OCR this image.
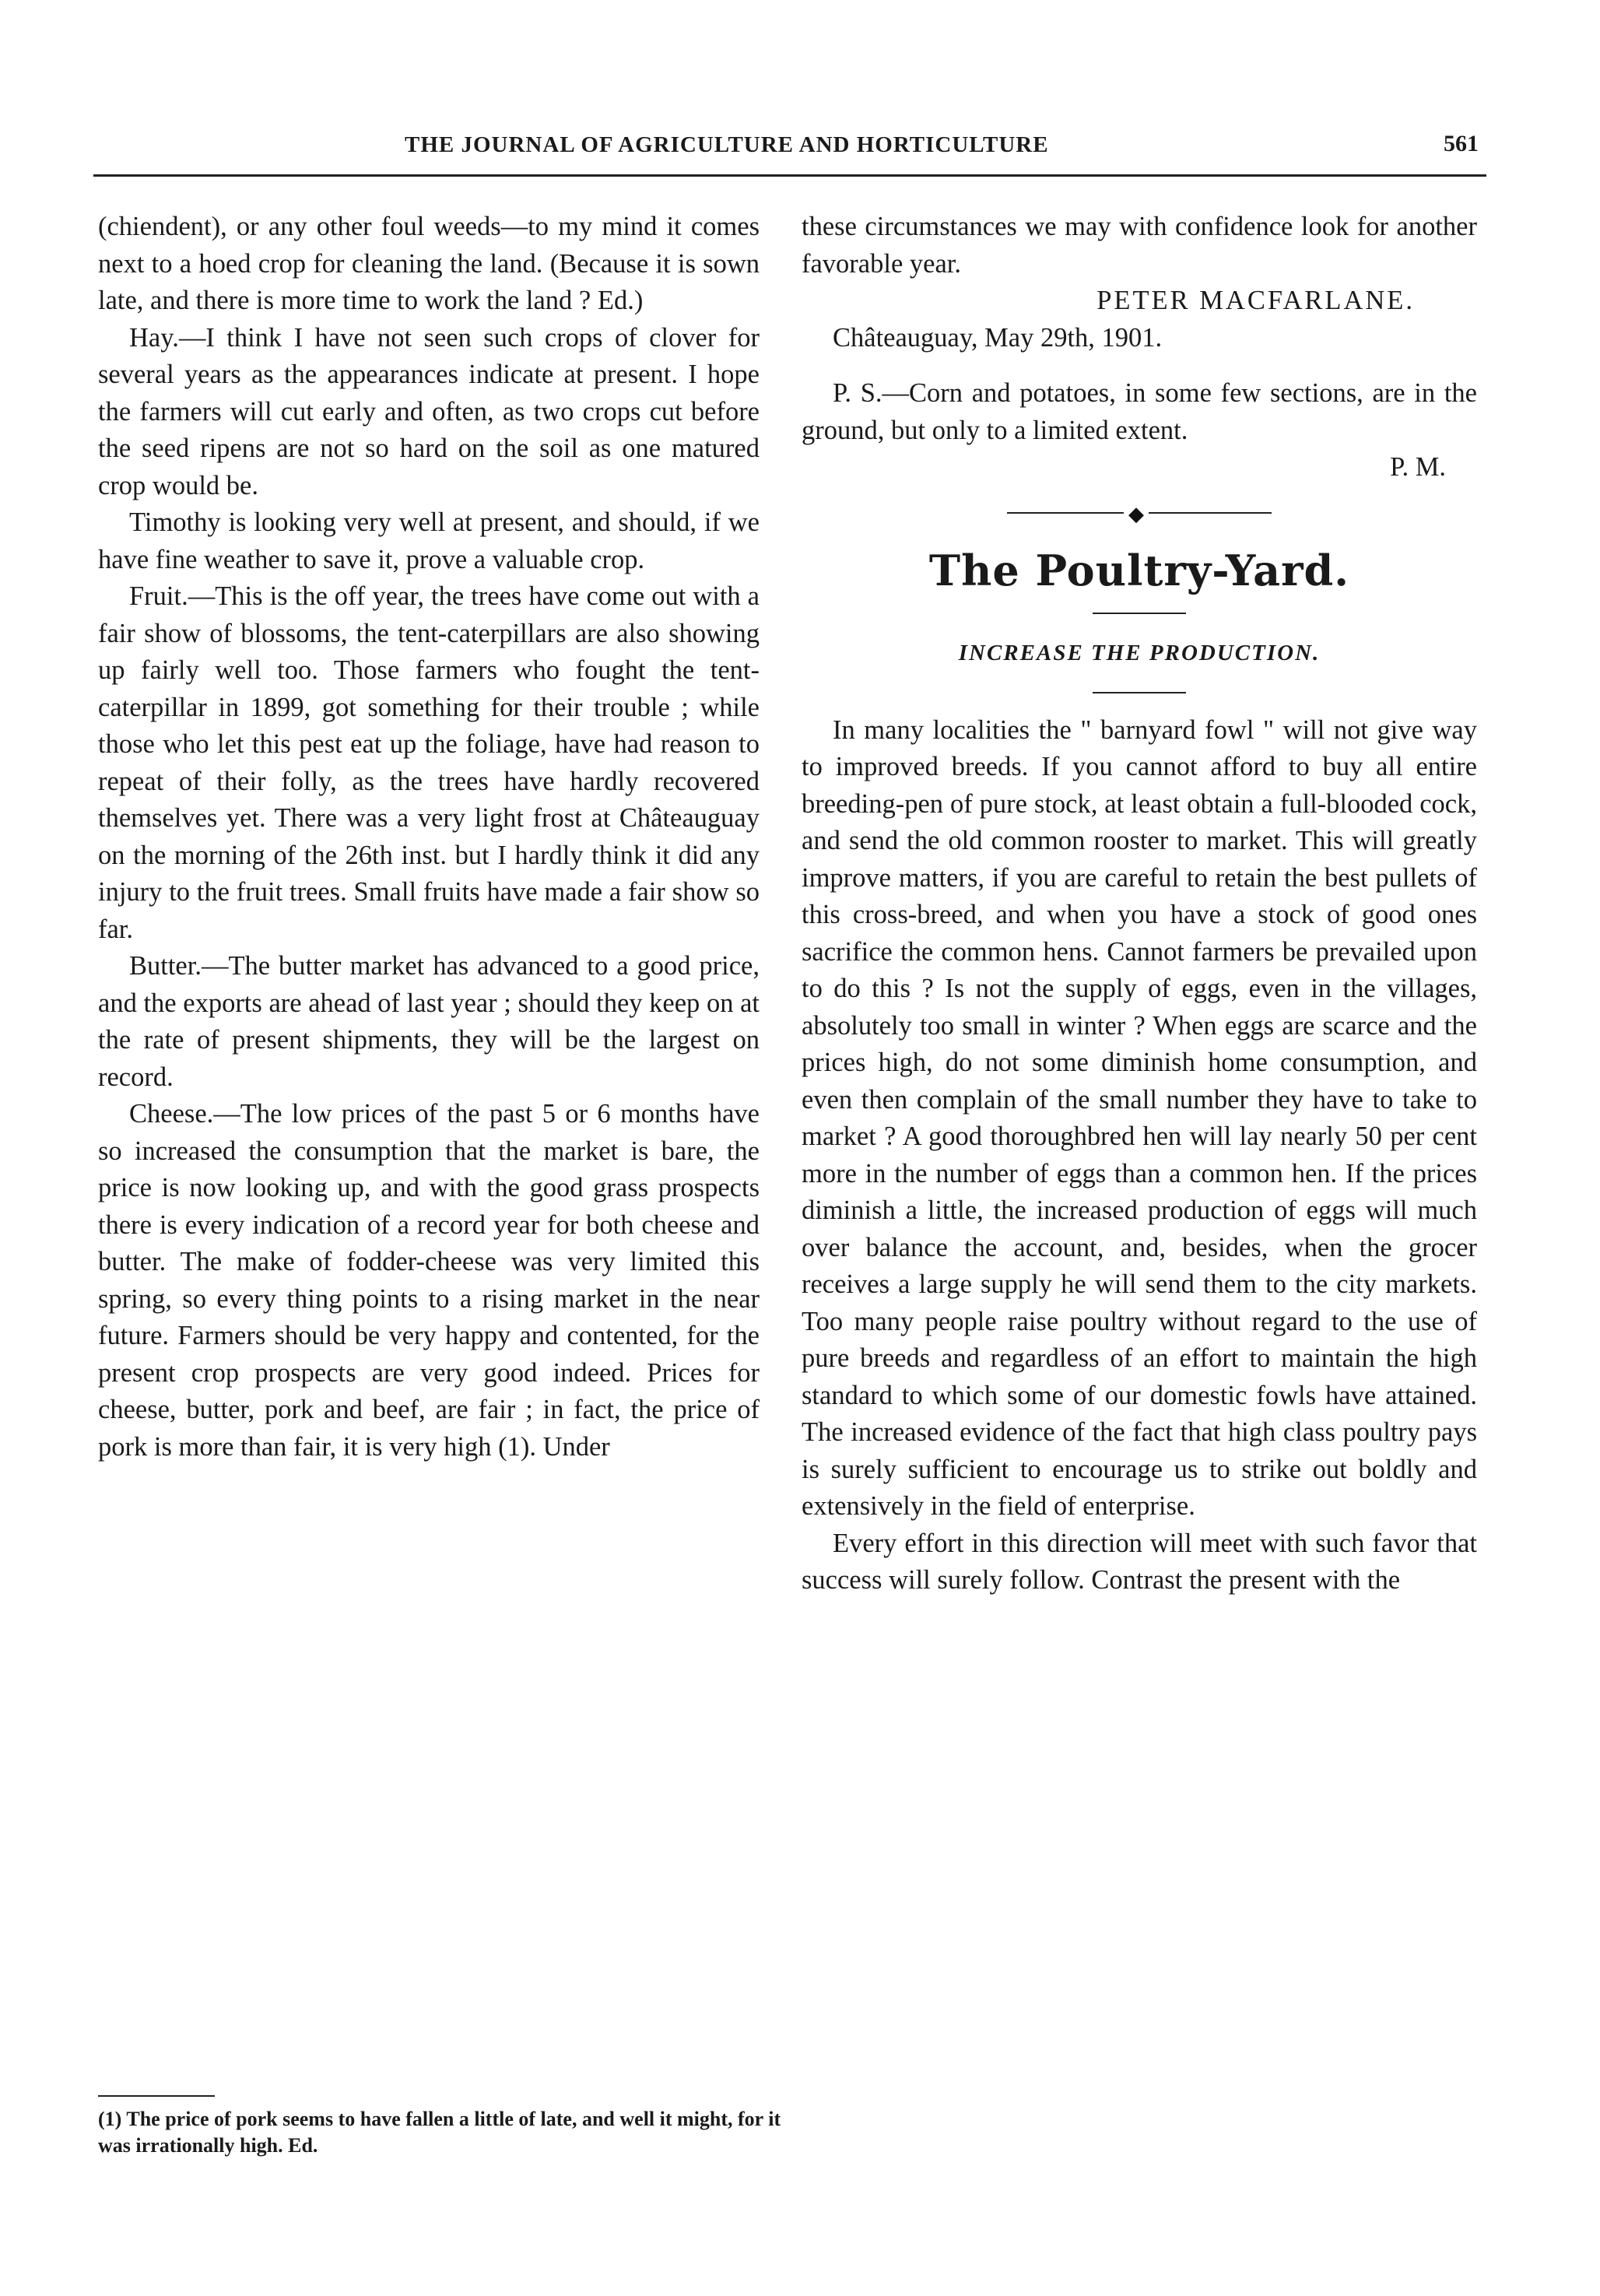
THE JOURNAL OF AGRICULTURE AND HORTICULTURE	561

(chiendent), or any other foul weeds—to my mind it comes next to a hoed crop for cleaning the land. (Because it is sown late, and there is more time to work the land ? Ed.)

Hay.—I think I have not seen such crops of clover for several years as the appearances indicate at present. I hope the farmers will cut early and often, as two crops cut before the seed ripens are not so hard on the soil as one matured crop would be.

Timothy is looking very well at present, and should, if we have fine weather to save it, prove a valuable crop.

Fruit.—This is the off year, the trees have come out with a fair show of blossoms, the tent-caterpillars are also showing up fairly well too. Those farmers who fought the tent-caterpillar in 1899, got something for their trouble ; while those who let this pest eat up the foliage, have had reason to repeat of their folly, as the trees have hardly recovered themselves yet. There was a very light frost at Châteauguay on the morning of the 26th inst. but I hardly think it did any injury to the fruit trees. Small fruits have made a fair show so far.

Butter.—The butter market has advanced to a good price, and the exports are ahead of last year ; should they keep on at the rate of present shipments, they will be the largest on record.

Cheese.—The low prices of the past 5 or 6 months have so increased the consumption that the market is bare, the price is now looking up, and with the good grass prospects there is every indication of a record year for both cheese and butter. The make of fodder-cheese was very limited this spring, so every thing points to a rising market in the near future. Farmers should be very happy and contented, for the present crop prospects are very good indeed. Prices for cheese, butter, pork and beef, are fair ; in fact, the price of pork is more than fair, it is very high (1). Under

(1) The price of pork seems to have fallen a little of late, and well it might, for it was irrationally high. Ed.

these circumstances we may with confidence look for another favorable year.

PETER MACFARLANE.

Châteauguay, May 29th, 1901.

P. S.—Corn and potatoes, in some few sections, are in the ground, but only to a limited extent.

P. M.

◆
The Poultry-Yard.
INCREASE THE PRODUCTION.

In many localities the " barnyard fowl " will not give way to improved breeds. If you cannot afford to buy all entire breeding-pen of pure stock, at least obtain a full-blooded cock, and send the old common rooster to market. This will greatly improve matters, if you are careful to retain the best pullets of this cross-breed, and when you have a stock of good ones sacrifice the common hens. Cannot farmers be prevailed upon to do this ? Is not the supply of eggs, even in the villages, absolutely too small in winter ? When eggs are scarce and the prices high, do not some diminish home consumption, and even then complain of the small number they have to take to market ? A good thoroughbred hen will lay nearly 50 per cent more in the number of eggs than a common hen. If the prices diminish a little, the increased production of eggs will much over balance the account, and, besides, when the grocer receives a large supply he will send them to the city markets. Too many people raise poultry without regard to the use of pure breeds and regardless of an effort to maintain the high standard to which some of our domestic fowls have attained. The increased evidence of the fact that high class poultry pays is surely sufficient to encourage us to strike out boldly and extensively in the field of enterprise.

Every effort in this direction will meet with such favor that success will surely follow. Contrast the present with the
